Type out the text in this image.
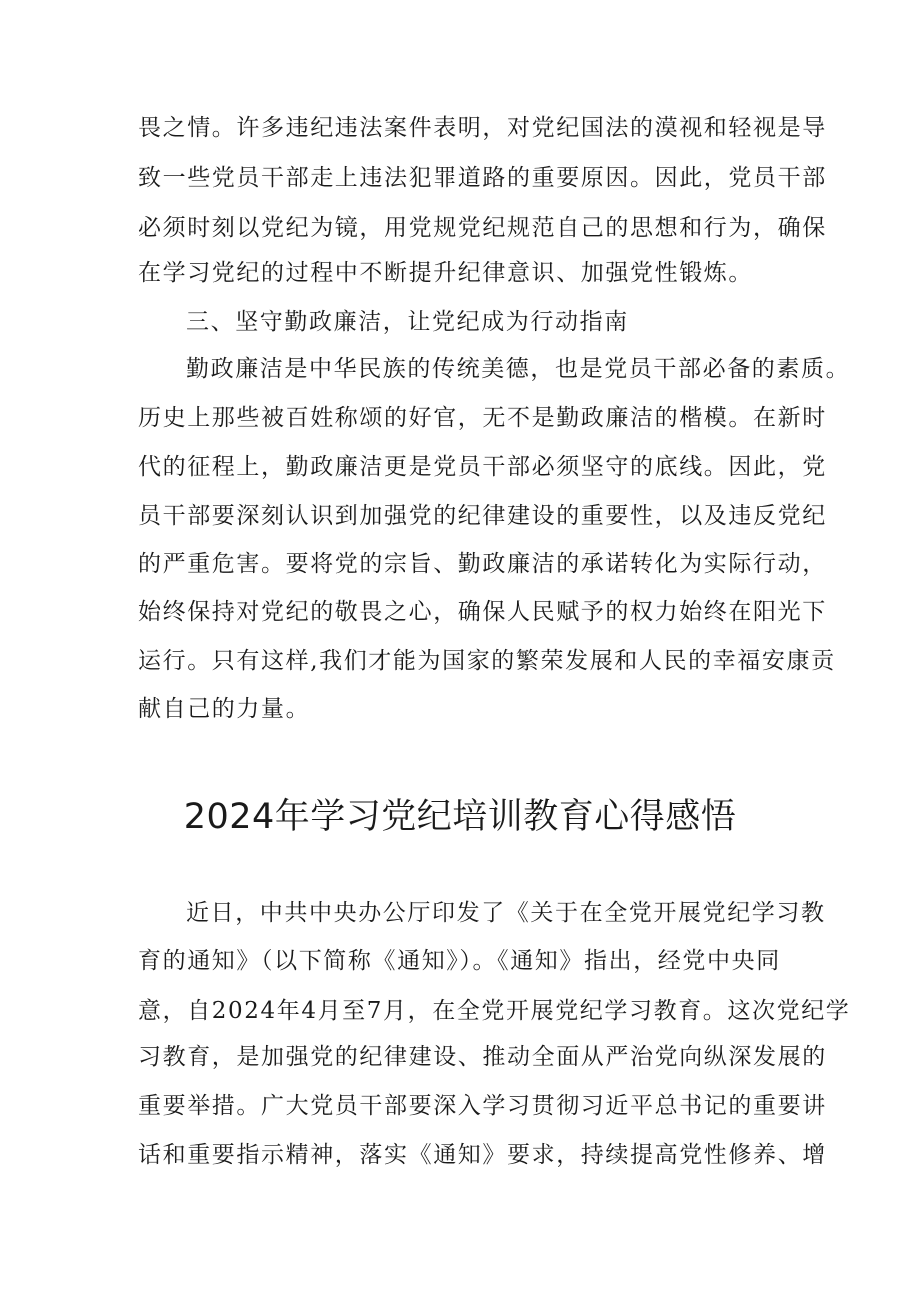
畏之情。许多违纪违法案件表明，对党纪国法的漠视和轻视是导
致一些党员干部走上违法犯罪道路的重要原因。因此，党员干部
必须时刻以党纪为镜，用党规党纪规范自己的思想和行为，确保
在学习党纪的过程中不断提升纪律意识、加强党性锻炼。
三、坚守勤政廉洁，让党纪成为行动指南
勤政廉洁是中华民族的传统美德，也是党员干部必备的素质。
历史上那些被百姓称颂的好官，无不是勤政廉洁的楷模。在新时
代的征程上，勤政廉洁更是党员干部必须坚守的底线。因此，党
员干部要深刻认识到加强党的纪律建设的重要性，以及违反党纪
的严重危害。要将党的宗旨、勤政廉洁的承诺转化为实际行动，
始终保持对党纪的敬畏之心，确保人民赋予的权力始终在阳光下
运行。只有这样,我们才能为国家的繁荣发展和人民的幸福安康贡
献自己的力量。
2024年学习党纪培训教育心得感悟
近日，中共中央办公厅印发了《关于在全党开展党纪学习教
育的通知》（以下简称《通知》）。《通知》指出，经党中央同
意，自2024年4月至7月，在全党开展党纪学习教育。这次党纪学
习教育，是加强党的纪律建设、推动全面从严治党向纵深发展的
重要举措。广大党员干部要深入学习贯彻习近平总书记的重要讲
话和重要指示精神，落实《通知》要求，持续提高党性修养、增
